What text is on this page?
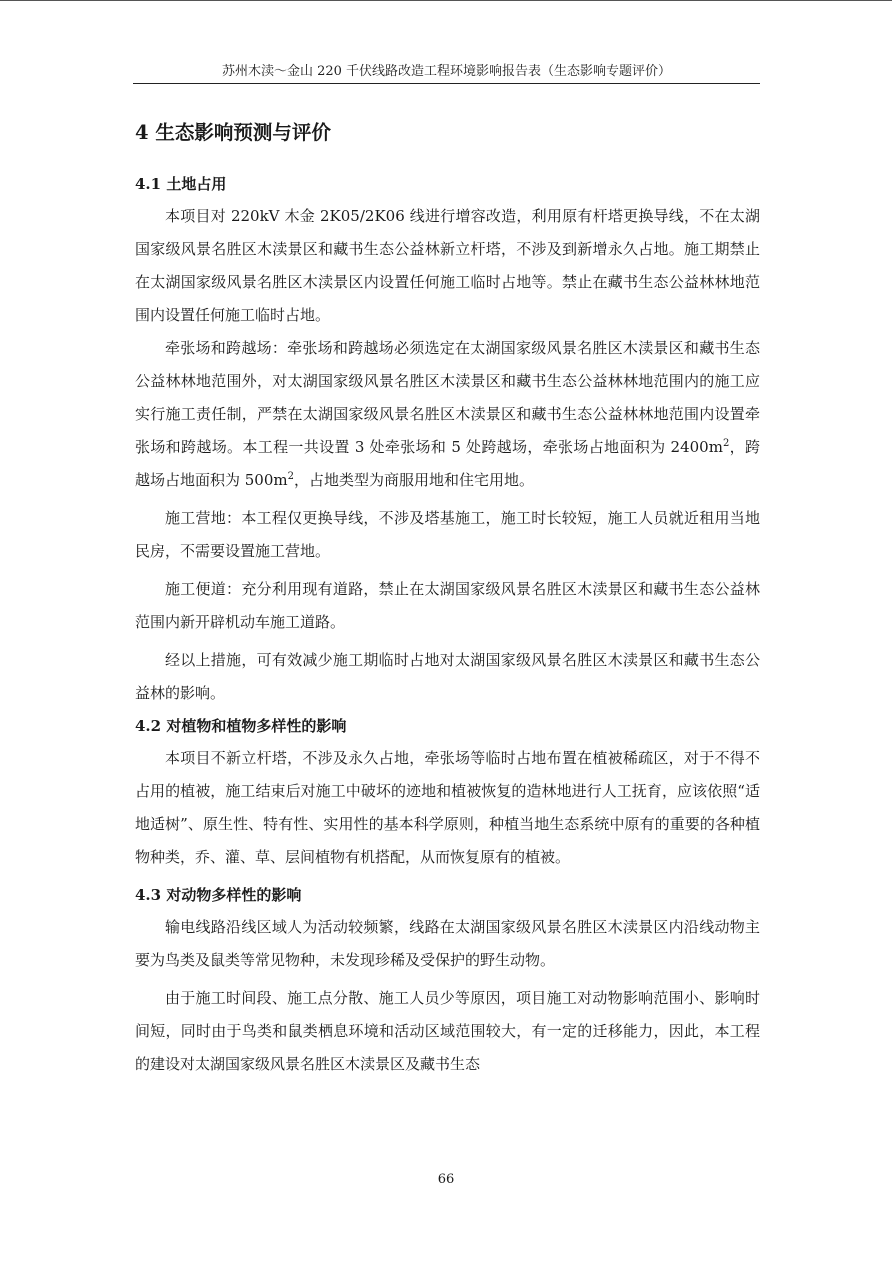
苏州木渎～金山 220 千伏线路改造工程环境影响报告表（生态影响专题评价）
4 生态影响预测与评价
4.1 土地占用

本项目对 220kV 木金 2K05/2K06 线进行增容改造，利用原有杆塔更换导线，不在太湖国家级风景名胜区木渎景区和藏书生态公益林新立杆塔，不涉及到新增永久占地。施工期禁止在太湖国家级风景名胜区木渎景区内设置任何施工临时占地等。禁止在藏书生态公益林林地范围内设置任何施工临时占地。

牵张场和跨越场：牵张场和跨越场必须选定在太湖国家级风景名胜区木渎景区和藏书生态公益林林地范围外，对太湖国家级风景名胜区木渎景区和藏书生态公益林林地范围内的施工应实行施工责任制，严禁在太湖国家级风景名胜区木渎景区和藏书生态公益林林地范围内设置牵张场和跨越场。本工程一共设置 3 处牵张场和 5 处跨越场，牵张场占地面积为 $2400m^2$，跨越场占地面积为 $500m^2$，占地类型为商服用地和住宅用地。

施工营地：本工程仅更换导线，不涉及塔基施工，施工时长较短，施工人员就近租用当地民房，不需要设置施工营地。

施工便道：充分利用现有道路，禁止在太湖国家级风景名胜区木渎景区和藏书生态公益林范围内新开辟机动车施工道路。

经以上措施，可有效减少施工期临时占地对太湖国家级风景名胜区木渎景区和藏书生态公益林的影响。

4.2 对植物和植物多样性的影响

本项目不新立杆塔，不涉及永久占地，牵张场等临时占地布置在植被稀疏区，对于不得不占用的植被，施工结束后对施工中破坏的迹地和植被恢复的造林地进行人工抚育，应该依照“适地适树”、原生性、特有性、实用性的基本科学原则，种植当地生态系统中原有的重要的各种植物种类，乔、灌、草、层间植物有机搭配，从而恢复原有的植被。

4.3 对动物多样性的影响

输电线路沿线区域人为活动较频繁，线路在太湖国家级风景名胜区木渎景区内沿线动物主要为鸟类及鼠类等常见物种，未发现珍稀及受保护的野生动物。

由于施工时间段、施工点分散、施工人员少等原因，项目施工对动物影响范围小、影响时间短，同时由于鸟类和鼠类栖息环境和活动区域范围较大，有一定的迁移能力，因此，本工程的建设对太湖国家级风景名胜区木渎景区及藏书生态

66
